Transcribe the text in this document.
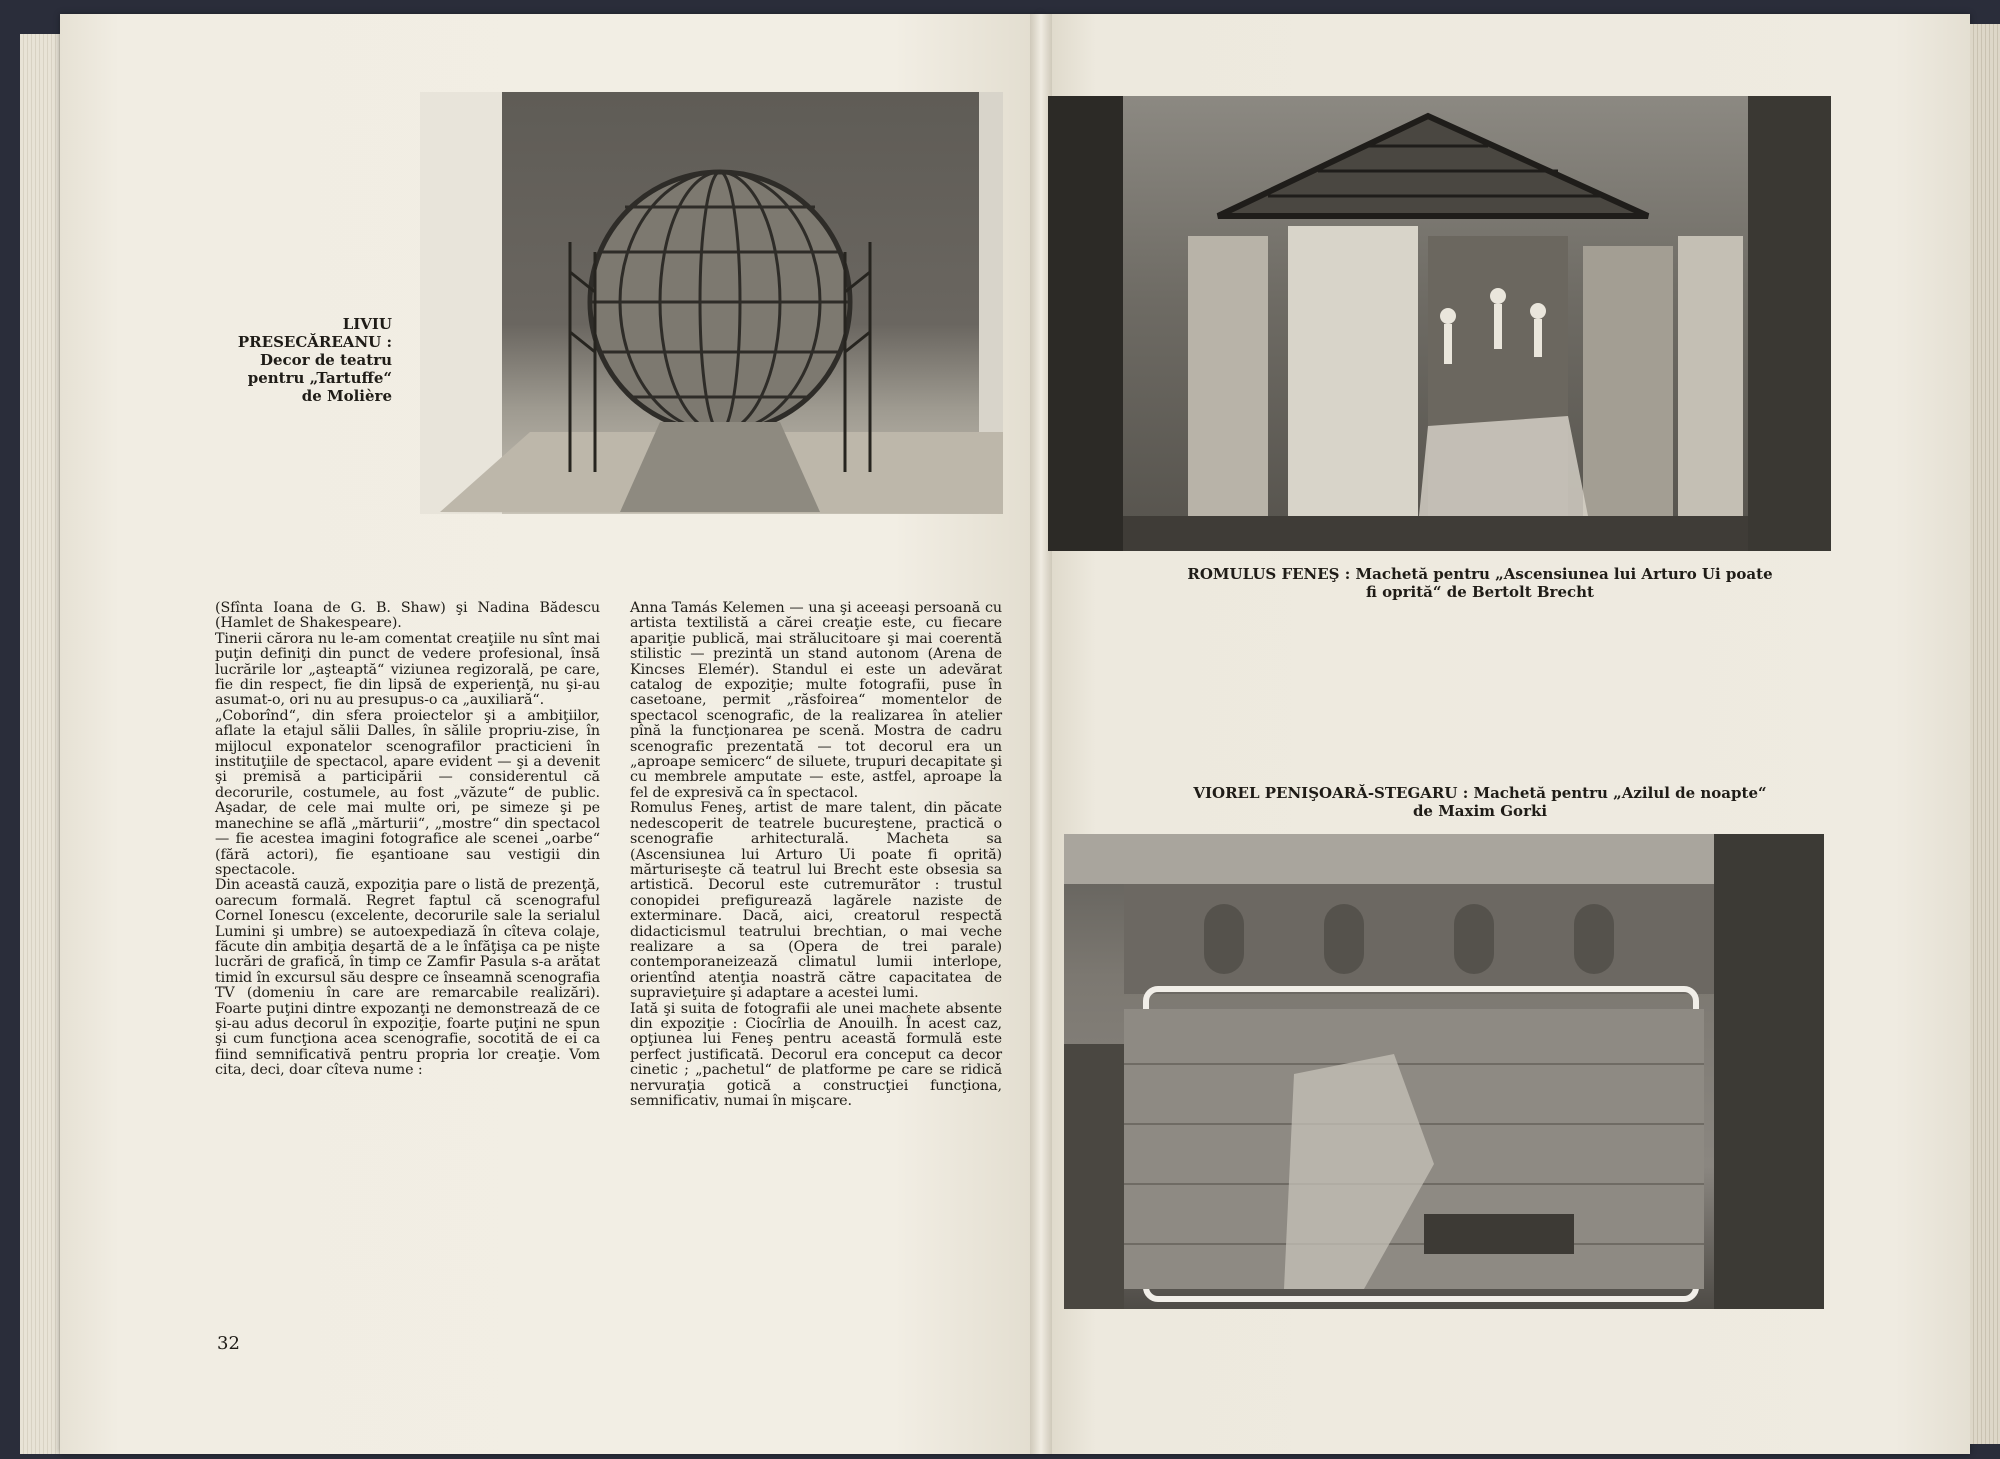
LIVIU
PRESECĂREANU :
Decor de teatru
pentru „Tartuffe“
de Molière
ROMULUS FENEŞ : Machetă pentru „Ascensiunea lui Arturo Ui poate
fi oprită“ de Bertolt Brecht
VIOREL PENIŞOARĂ-STEGARU : Machetă pentru „Azilul de noapte“
de Maxim Gorki

(Sfînta Ioana de G. B. Shaw) şi Nadina Bădescu (Hamlet de Shakespeare).

Tinerii cărora nu le-am comentat creaţiile nu sînt mai puţin definiţi din punct de vedere profesional, însă lucrările lor „aşteaptă“ viziunea regizorală, pe care, fie din respect, fie din lipsă de experienţă, nu şi-au asumat-o, ori nu au presupus-o ca „auxiliară“.

„Coborînd“, din sfera proiectelor şi a ambiţiilor, aflate la etajul sălii Dalles, în sălile propriu-zise, în mijlocul exponatelor scenografilor practicieni în instituţiile de spectacol, apare evident — şi a devenit şi premisă a participării — considerentul că decorurile, costumele, au fost „văzute“ de public. Aşadar, de cele mai multe ori, pe simeze şi pe manechine se află „mărturii“, „mostre“ din spectacol — fie acestea imagini fotografice ale scenei „oarbe“ (fără actori), fie eşantioane sau vestigii din spectacole.

Din această cauză, expoziţia pare o listă de prezenţă, oarecum formală. Regret faptul că scenograful Cornel Ionescu (excelente, decorurile sale la serialul Lumini şi umbre) se autoexpediază în cîteva colaje, făcute din ambiţia deşartă de a le înfăţişa ca pe nişte lucrări de grafică, în timp ce Zamfir Pasula s-a arătat timid în excursul său despre ce înseamnă scenografia TV (domeniu în care are remarcabile realizări). Foarte puţini dintre expozanţi ne demonstrează de ce şi-au adus decorul în expoziţie, foarte puţini ne spun şi cum funcţiona acea scenografie, socotită de ei ca fiind semnificativă pentru propria lor creaţie. Vom cita, deci, doar cîteva nume :

Anna Tamás Kelemen — una şi aceeaşi persoană cu artista textilistă a cărei creaţie este, cu fiecare apariţie publică, mai strălucitoare şi mai coerentă stilistic — prezintă un stand autonom (Arena de Kincses Elemér). Standul ei este un adevărat catalog de expoziţie; multe fotografii, puse în casetoane, permit „răsfoirea“ momentelor de spectacol scenografic, de la realizarea în atelier pînă la funcţionarea pe scenă. Mostra de cadru scenografic prezentată — tot decorul era un „aproape semicerc“ de siluete, trupuri decapitate şi cu membrele amputate — este, astfel, aproape la fel de expresivă ca în spectacol.

Romulus Feneş, artist de mare talent, din păcate nedescoperit de teatrele bucureştene, practică o scenografie arhitecturală. Macheta sa (Ascensiunea lui Arturo Ui poate fi oprită) mărturiseşte că teatrul lui Brecht este obsesia sa artistică. Decorul este cutremurător : trustul conopidei prefigurează lagărele naziste de exterminare. Dacă, aici, creatorul respectă didacticismul teatrului brechtian, o mai veche realizare a sa (Opera de trei parale) contemporaneizează climatul lumii interlope, orientînd atenţia noastră către capacitatea de supravieţuire şi adaptare a acestei lumi.

Iată şi suita de fotografii ale unei machete absente din expoziţie : Ciocîrlia de Anouilh. În acest caz, opţiunea lui Feneş pentru această formulă este perfect justificată. Decorul era conceput ca decor cinetic ; „pachetul“ de platforme pe care se ridică nervuraţia gotică a construcţiei funcţiona, semnificativ, numai în mişcare.

32
